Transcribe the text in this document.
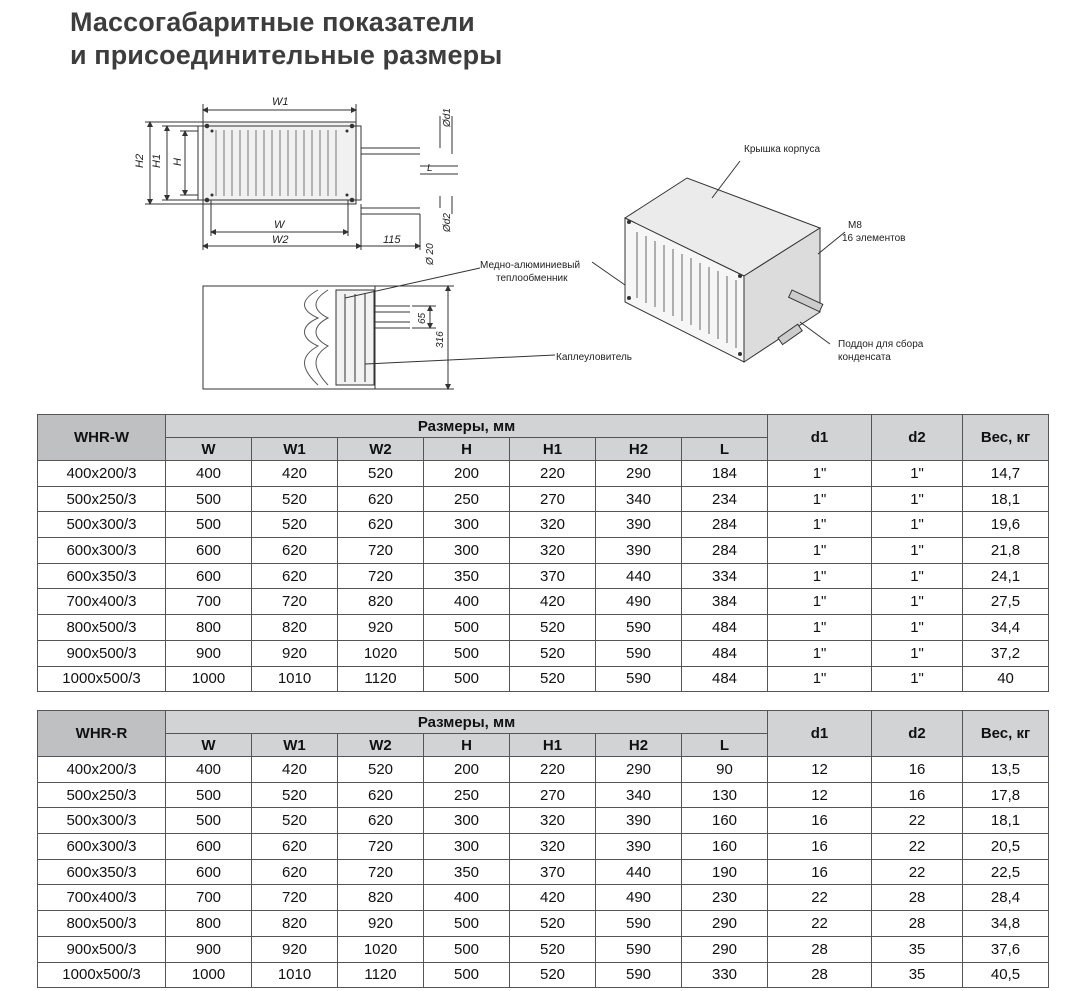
Массогабаритные показатели
и присоединительные размеры
W1
W
W2	115
L
H2 H1 H
Ød1
Ød2
Ø 20
65
316
Медно-алюминиевый
теплообменник
Каплеуловитель
Крышка корпуса
М8
16 элементов
Поддон для сбора
конденсата
WHR-W	Размеры, мм							d1	d2	Вес, кг
	W	W1	W2	H	H1	H2	L			
400x200/3	400	420	520	200	220	290	184	1"	1"	14,7
500x250/3	500	520	620	250	270	340	234	1"	1"	18,1
500x300/3	500	520	620	300	320	390	284	1"	1"	19,6
600x300/3	600	620	720	300	320	390	284	1"	1"	21,8
600x350/3	600	620	720	350	370	440	334	1"	1"	24,1
700x400/3	700	720	820	400	420	490	384	1"	1"	27,5
800x500/3	800	820	920	500	520	590	484	1"	1"	34,4
900x500/3	900	920	1020	500	520	590	484	1"	1"	37,2
1000x500/3	1000	1010	1120	500	520	590	484	1"	1"	40
WHR-R	Размеры, мм							d1	d2	Вес, кг
	W	W1	W2	H	H1	H2	L			
400x200/3	400	420	520	200	220	290	90	12	16	13,5
500x250/3	500	520	620	250	270	340	130	12	16	17,8
500x300/3	500	520	620	300	320	390	160	16	22	18,1
600x300/3	600	620	720	300	320	390	160	16	22	20,5
600x350/3	600	620	720	350	370	440	190	16	22	22,5
700x400/3	700	720	820	400	420	490	230	22	28	28,4
800x500/3	800	820	920	500	520	590	290	22	28	34,8
900x500/3	900	920	1020	500	520	590	290	28	35	37,6
1000x500/3	1000	1010	1120	500	520	590	330	28	35	40,5
